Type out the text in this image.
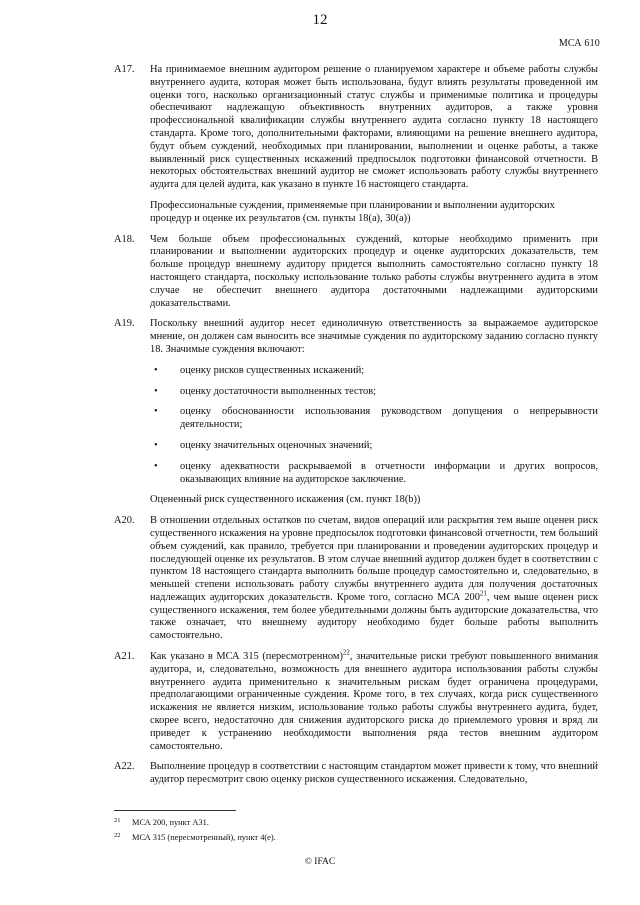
12
МСА 610
A17. На принимаемое внешним аудитором решение о планируемом характере и объеме работы службы внутреннего аудита, которая может быть использована, будут влиять результаты проведенной им оценки того, насколько организационный статус службы и применимые политика и процедуры обеспечивают надлежащую объективность внутренних аудиторов, а также уровня профессиональной квалификации службы внутреннего аудита согласно пункту 18 настоящего стандарта. Кроме того, дополнительными факторами, влияющими на решение внешнего аудитора, будут объем суждений, необходимых при планировании, выполнении и оценке работы, а также выявленный риск существенных искажений предпосылок подготовки финансовой отчетности. В некоторых обстоятельствах внешний аудитор не сможет использовать работу службы внутреннего аудита для целей аудита, как указано в пункте 16 настоящего стандарта.
Профессиональные суждения, применяемые при планировании и выполнении аудиторских процедур и оценке их результатов (см. пункты 18(a), 30(a))
A18. Чем больше объем профессиональных суждений, которые необходимо применить при планировании и выполнении аудиторских процедур и оценке аудиторских доказательств, тем больше процедур внешнему аудитору придется выполнить самостоятельно согласно пункту 18 настоящего стандарта, поскольку использование только работы службы внутреннего аудита в этом случае не обеспечит внешнего аудитора достаточными надлежащими аудиторскими доказательствами.
A19. Поскольку внешний аудитор несет единоличную ответственность за выражаемое аудиторское мнение, он должен сам выносить все значимые суждения по аудиторскому заданию согласно пункту 18. Значимые суждения включают:
• оценку рисков существенных искажений;
• оценку достаточности выполненных тестов;
• оценку обоснованности использования руководством допущения о непрерывности деятельности;
• оценку значительных оценочных значений;
• оценку адекватности раскрываемой в отчетности информации и других вопросов, оказывающих влияние на аудиторское заключение.
Оцененный риск существенного искажения (см. пункт 18(b))
A20. В отношении отдельных остатков по счетам, видов операций или раскрытия тем выше оценен риск существенного искажения на уровне предпосылок подготовки финансовой отчетности, тем больший объем суждений, как правило, требуется при планировании и проведении аудиторских процедур и последующей оценке их результатов. В этом случае внешний аудитор должен будет в соответствии с пунктом 18 настоящего стандарта выполнить больше процедур самостоятельно и, следовательно, в меньшей степени использовать работу службы внутреннего аудита для получения достаточных надлежащих аудиторских доказательств. Кроме того, согласно МСА $200^{21}$, чем выше оценен риск существенного искажения, тем более убедительными должны быть аудиторские доказательства, что также означает, что внешнему аудитору необходимо будет больше работы выполнить самостоятельно.
A21. Как указано в МСА 315 (пересмотренном)$^{22}$, значительные риски требуют повышенного внимания аудитора, и, следовательно, возможность для внешнего аудитора использования работы службы внутреннего аудита применительно к значительным рискам будет ограничена процедурами, предполагающими ограниченные суждения. Кроме того, в тех случаях, когда риск существенного искажения не является низким, использование только работы службы внутреннего аудита, будет, скорее всего, недостаточно для снижения аудиторского риска до приемлемого уровня и вряд ли приведет к устранению необходимости выполнения ряда тестов внешним аудитором самостоятельно.
A22. Выполнение процедур в соответствии с настоящим стандартом может привести к тому, что внешний аудитор пересмотрит свою оценку рисков существенного искажения. Следовательно,
21 МСА 200, пункт A31.
22 МСА 315 (пересмотренный), пункт 4(e).
© IFAC
